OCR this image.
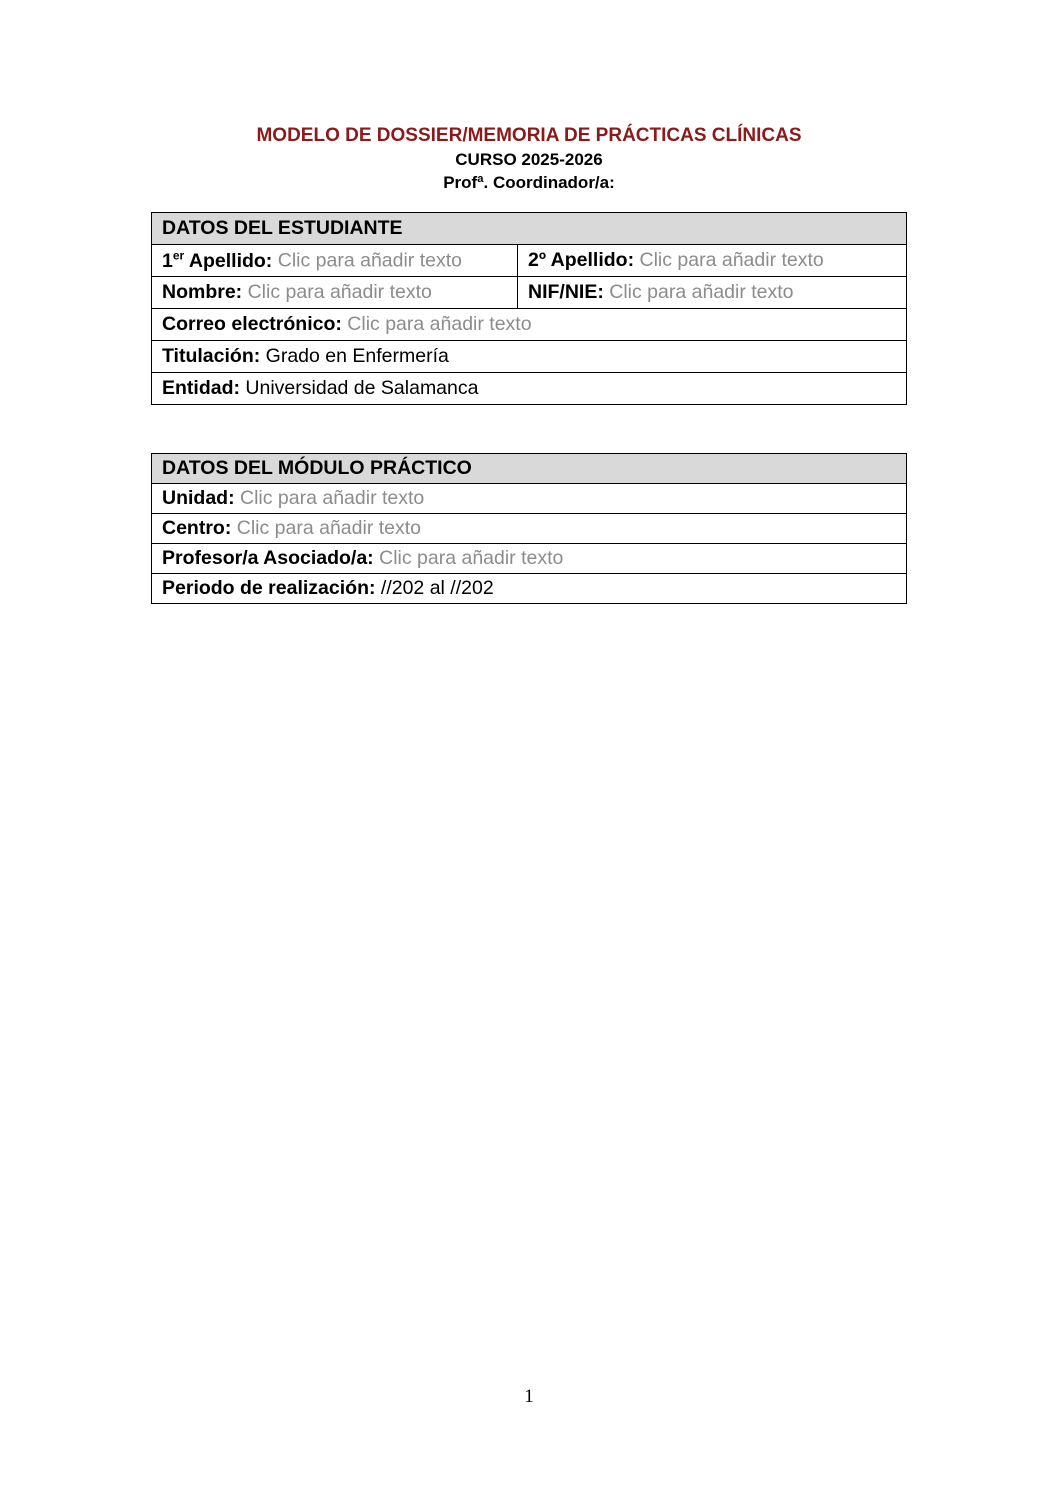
MODELO DE DOSSIER/MEMORIA DE PRÁCTICAS CLÍNICAS
CURSO 2025-2026
Profª. Coordinador/a:
DATOS DEL ESTUDIANTE	
1er Apellido: Clic para añadir texto	2º Apellido: Clic para añadir texto
Nombre: Clic para añadir texto	NIF/NIE: Clic para añadir texto
Correo electrónico: Clic para añadir texto	
Titulación: Grado en Enfermería	
Entidad: Universidad de Salamanca	
DATOS DEL MÓDULO PRÁCTICO
Unidad: Clic para añadir texto
Centro: Clic para añadir texto
Profesor/a Asociado/a: Clic para añadir texto
Periodo de realización: //202 al //202
1
